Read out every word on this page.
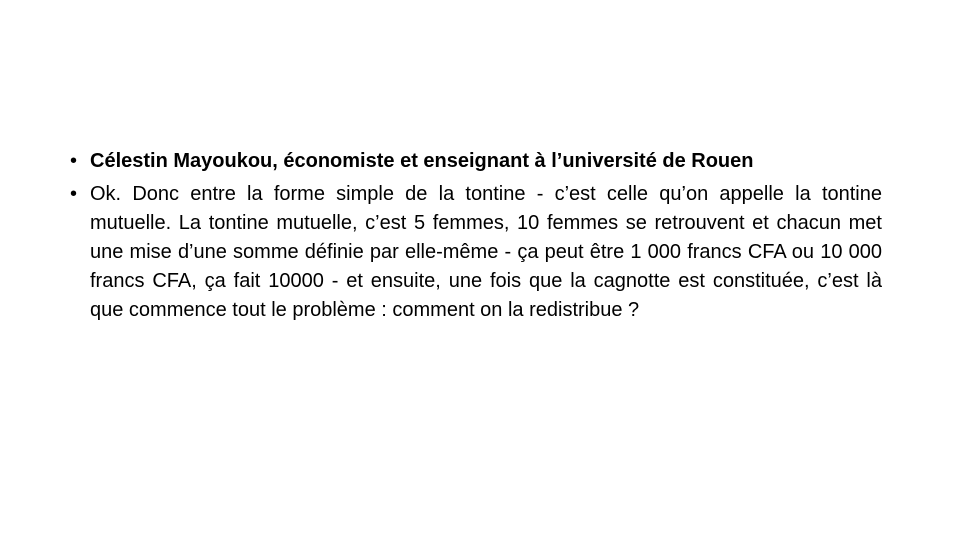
• Célestin Mayoukou, économiste et enseignant à l’université de Rouen
• Ok. Donc entre la forme simple de la tontine - c’est celle qu’on appelle la tontine mutuelle. La tontine mutuelle, c’est 5 femmes, 10 femmes se retrouvent et chacun met une mise d’une somme définie par elle-même - ça peut être 1 000 francs CFA ou 10 000 francs CFA, ça fait 10000 - et ensuite, une fois que la cagnotte est constituée, c’est là que commence tout le problème : comment on la redistribue ?
